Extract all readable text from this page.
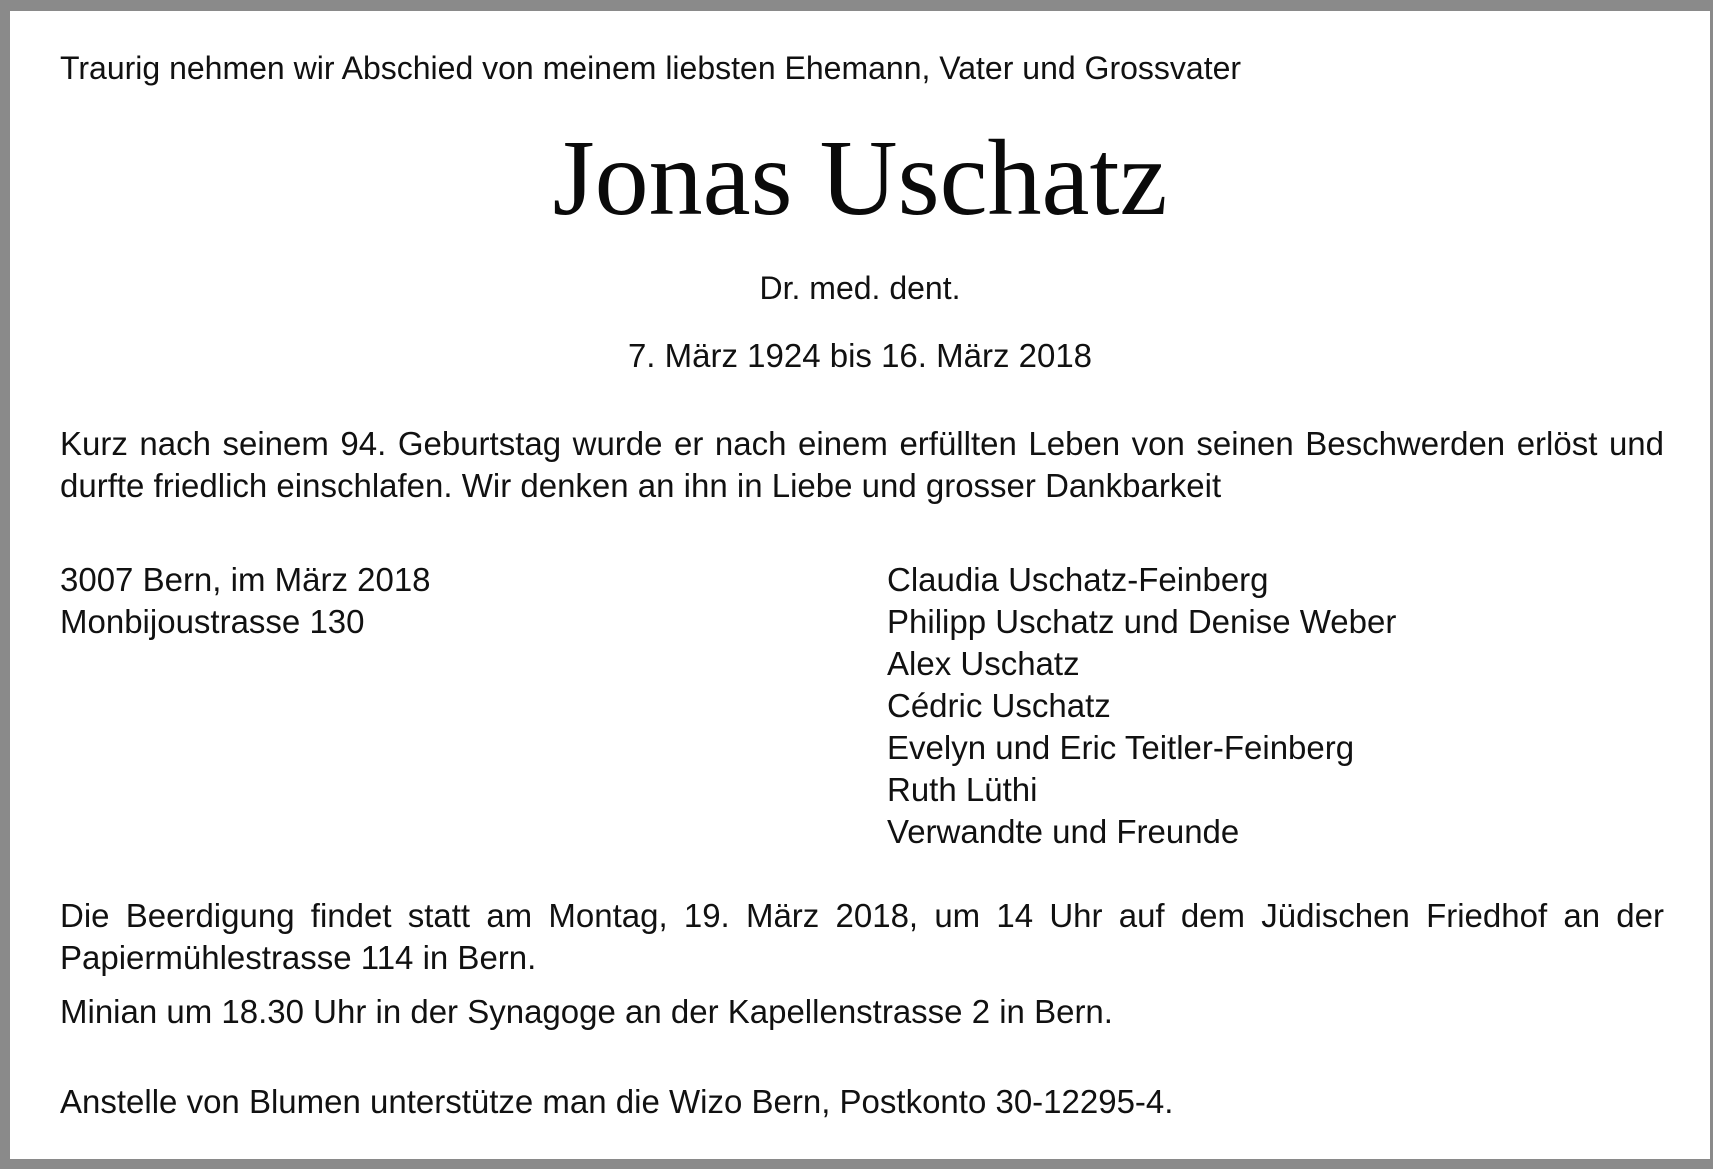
Traurig nehmen wir Abschied von meinem liebsten Ehemann, Vater und Grossvater

Jonas Uschatz

Dr. med. dent.

7. März 1924 bis 16. März 2018

Kurz nach seinem 94. Geburtstag wurde er nach einem erfüllten Leben von seinen Beschwerden erlöst und durfte friedlich einschlafen. Wir denken an ihn in Liebe und grosser Dankbarkeit

3007 Bern, im März 2018
Monbijoustrasse 130
Claudia Uschatz-Feinberg
Philipp Uschatz und Denise Weber
Alex Uschatz
Cédric Uschatz
Evelyn und Eric Teitler-Feinberg
Ruth Lüthi
Verwandte und Freunde

Die Beerdigung findet statt am Montag, 19. März 2018, um 14 Uhr auf dem Jüdischen Friedhof an der Papiermühlestrasse 114 in Bern.

Minian um 18.30 Uhr in der Synagoge an der Kapellenstrasse 2 in Bern.

Anstelle von Blumen unterstütze man die Wizo Bern, Postkonto 30-12295-4.
